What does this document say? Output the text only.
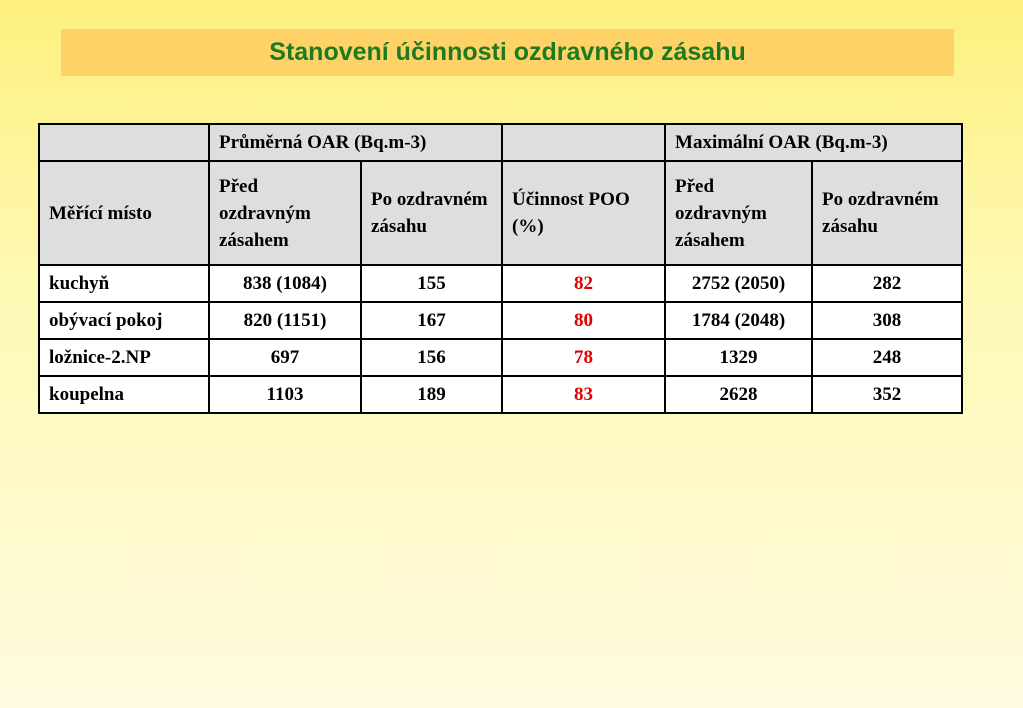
Stanovení účinnosti ozdravného zásahu
	Průměrná OAR (Bq.m-3)			Maximální OAR (Bq.m-3)	
Měřící místo	Před ozdravným zásahem	Po ozdravném zásahu	Účinnost POO (%)	Před ozdravným zásahem	Po ozdravném zásahu
kuchyň	838 (1084)	155	82	2752 (2050)	282
obývací pokoj	820 (1151)	167	80	1784 (2048)	308
ložnice-2.NP	697	156	78	1329	248
koupelna	1103	189	83	2628	352
